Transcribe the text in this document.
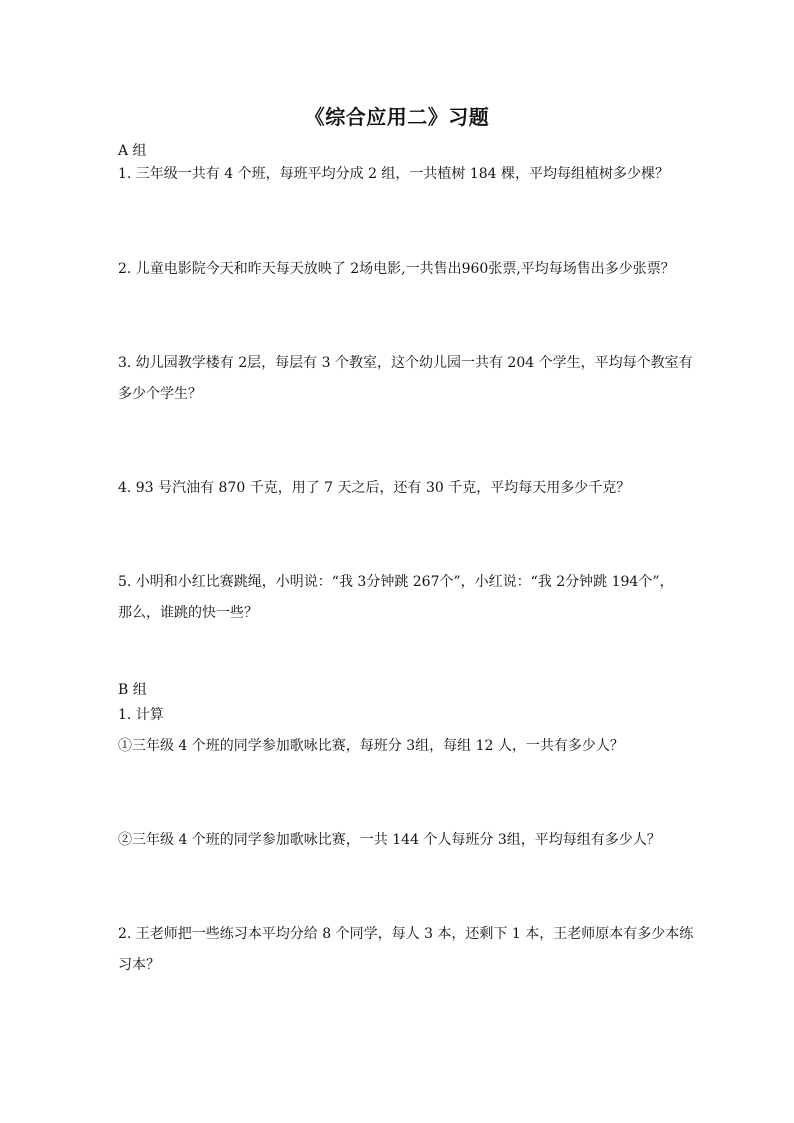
《综合应用二》习题
A 组
1. 三年级一共有 4 个班，每班平均分成 2 组，一共植树 184 棵，平均每组植树多少棵？
2. 儿童电影院今天和昨天每天放映了 2场电影,一共售出960张票,平均每场售出多少张票？
3. 幼儿园教学楼有 2层，每层有 3 个教室，这个幼儿园一共有 204 个学生，平均每个教室有
多少个学生？
4. 93 号汽油有 870 千克，用了 7 天之后，还有 30 千克，平均每天用多少千克？
5. 小明和小红比赛跳绳，小明说：“我 3分钟跳 267个”，小红说：“我 2分钟跳 194个”，
那么，谁跳的快一些？
B 组
1. 计算
①三年级 4 个班的同学参加歌咏比赛，每班分 3组，每组 12 人，一共有多少人？
②三年级 4 个班的同学参加歌咏比赛，一共 144 个人每班分 3组，平均每组有多少人？
2. 王老师把一些练习本平均分给 8 个同学，每人 3 本，还剩下 1 本，王老师原本有多少本练
习本？
